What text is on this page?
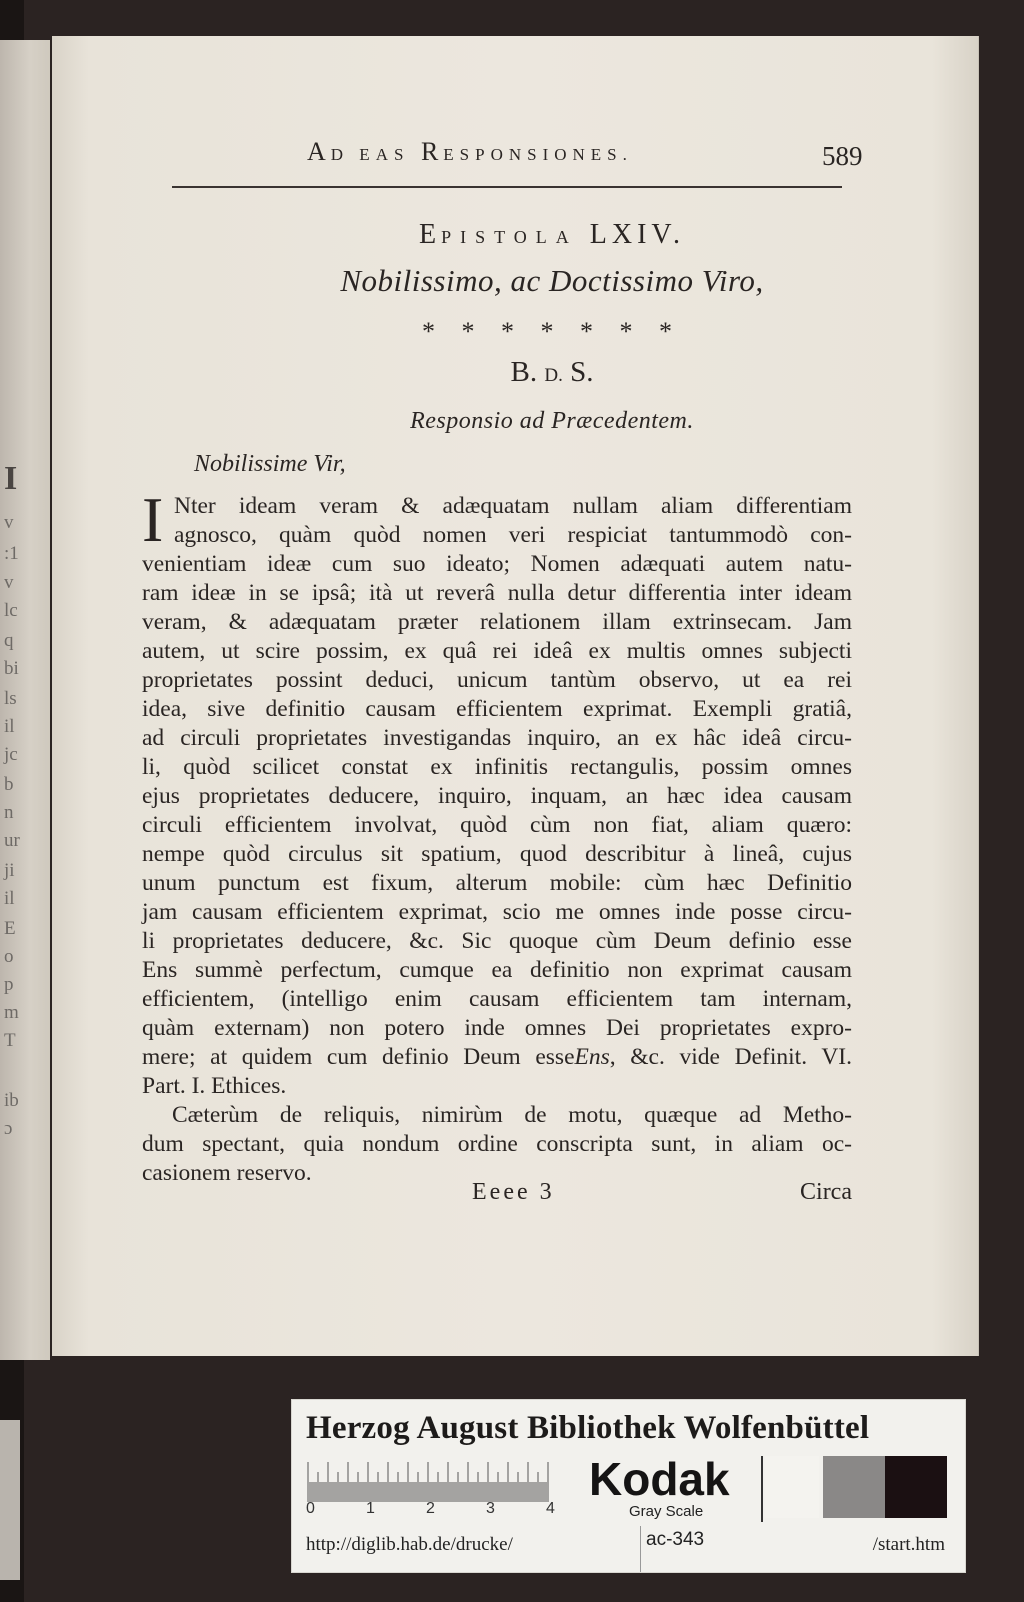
I
v
:1
v
lc
q
bi
ls
il
jc
b
n
ur
ji
il
E
o
p
m
T
ib
ɔ
AD EAS RESPONSIONES.	589
EPISTOLA LXIV.
Nobilissimo, ac Doctissimo Viro,
* * * * * * *
B. D. S.
Responsio ad Præcedentem.
Nobilissime Vir,
I Nter ideam veram & adæquatam nullam aliam differentiam
agnosco, quàm quòd nomen veri respiciat tantummodò con-
venientiam ideæ cum suo ideato; Nomen adæquati autem natu-
ram ideæ in se ipsâ; ità ut reverâ nulla detur differentia inter ideam
veram, & adæquatam præter relationem illam extrinsecam. Jam
autem, ut scire possim, ex quâ rei ideâ ex multis omnes subjecti
proprietates possint deduci, unicum tantùm observo, ut ea rei
idea, sive definitio causam efficientem exprimat. Exempli gratiâ,
ad circuli proprietates investigandas inquiro, an ex hâc ideâ circu-
li, quòd scilicet constat ex infinitis rectangulis, possim omnes
ejus proprietates deducere, inquiro, inquam, an hæc idea causam
circuli efficientem involvat, quòd cùm non fiat, aliam quæro:
nempe quòd circulus sit spatium, quod describitur à lineâ, cujus
unum punctum est fixum, alterum mobile: cùm hæc Definitio
jam causam efficientem exprimat, scio me omnes inde posse circu-
li proprietates deducere, &c. Sic quoque cùm Deum definio esse
Ens summè perfectum, cumque ea definitio non exprimat causam
efficientem, (intelligo enim causam efficientem tam internam,
quàm externam) non potero inde omnes Dei proprietates expro-
mere; at quidem cum definio Deum esseEns, &c. vide Definit. VI.
Part. I. Ethices.
Cæterùm de reliquis, nimirùm de motu, quæque ad Metho-
dum spectant, quia nondum ordine conscripta sunt, in aliam oc-
casionem reservo.
Eeee 3	Circa
Herzog August Bibliothek Wolfenbüttel
0	1	2	3	4
Kodak
Gray Scale
http://diglib.hab.de/drucke/	ac-343	/start.htm
